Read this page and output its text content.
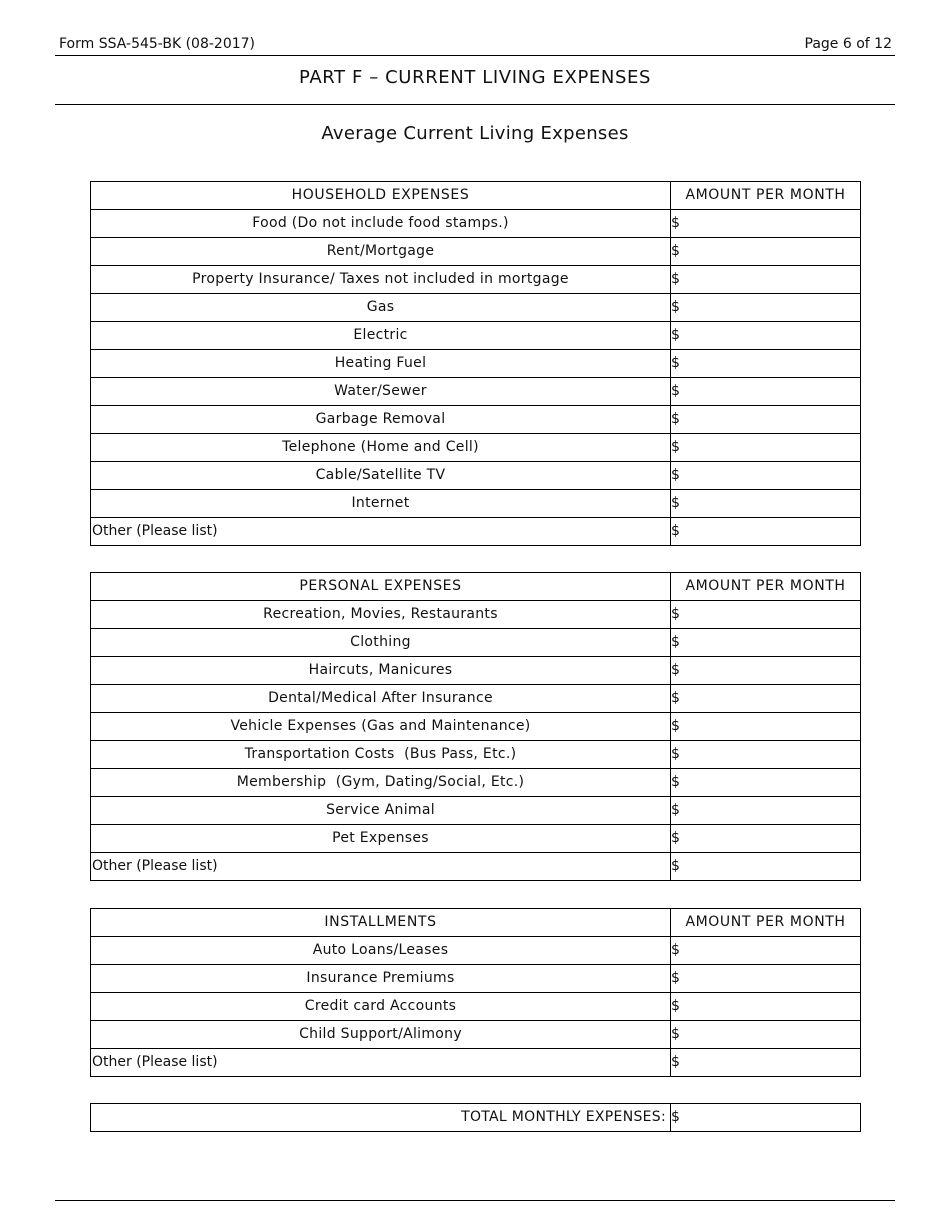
Form SSA-545-BK (08-2017)	Page 6 of 12
PART F – CURRENT LIVING EXPENSES
Average Current Living Expenses
HOUSEHOLD EXPENSES	AMOUNT PER MONTH
Food (Do not include food stamps.)	$
Rent/Mortgage	$
Property Insurance/ Taxes not included in mortgage	$
Gas	$
Electric	$
Heating Fuel	$
Water/Sewer	$
Garbage Removal	$
Telephone (Home and Cell)	$
Cable/Satellite TV	$
Internet	$
Other (Please list)	$
PERSONAL EXPENSES	AMOUNT PER MONTH
Recreation, Movies, Restaurants	$
Clothing	$
Haircuts, Manicures	$
Dental/Medical After Insurance	$
Vehicle Expenses (Gas and Maintenance)	$
Transportation Costs  (Bus Pass, Etc.)	$
Membership  (Gym, Dating/Social, Etc.)	$
Service Animal	$
Pet Expenses	$
Other (Please list)	$
INSTALLMENTS	AMOUNT PER MONTH
Auto Loans/Leases	$
Insurance Premiums	$
Credit card Accounts	$
Child Support/Alimony	$
Other (Please list)	$
TOTAL MONTHLY EXPENSES:	$
